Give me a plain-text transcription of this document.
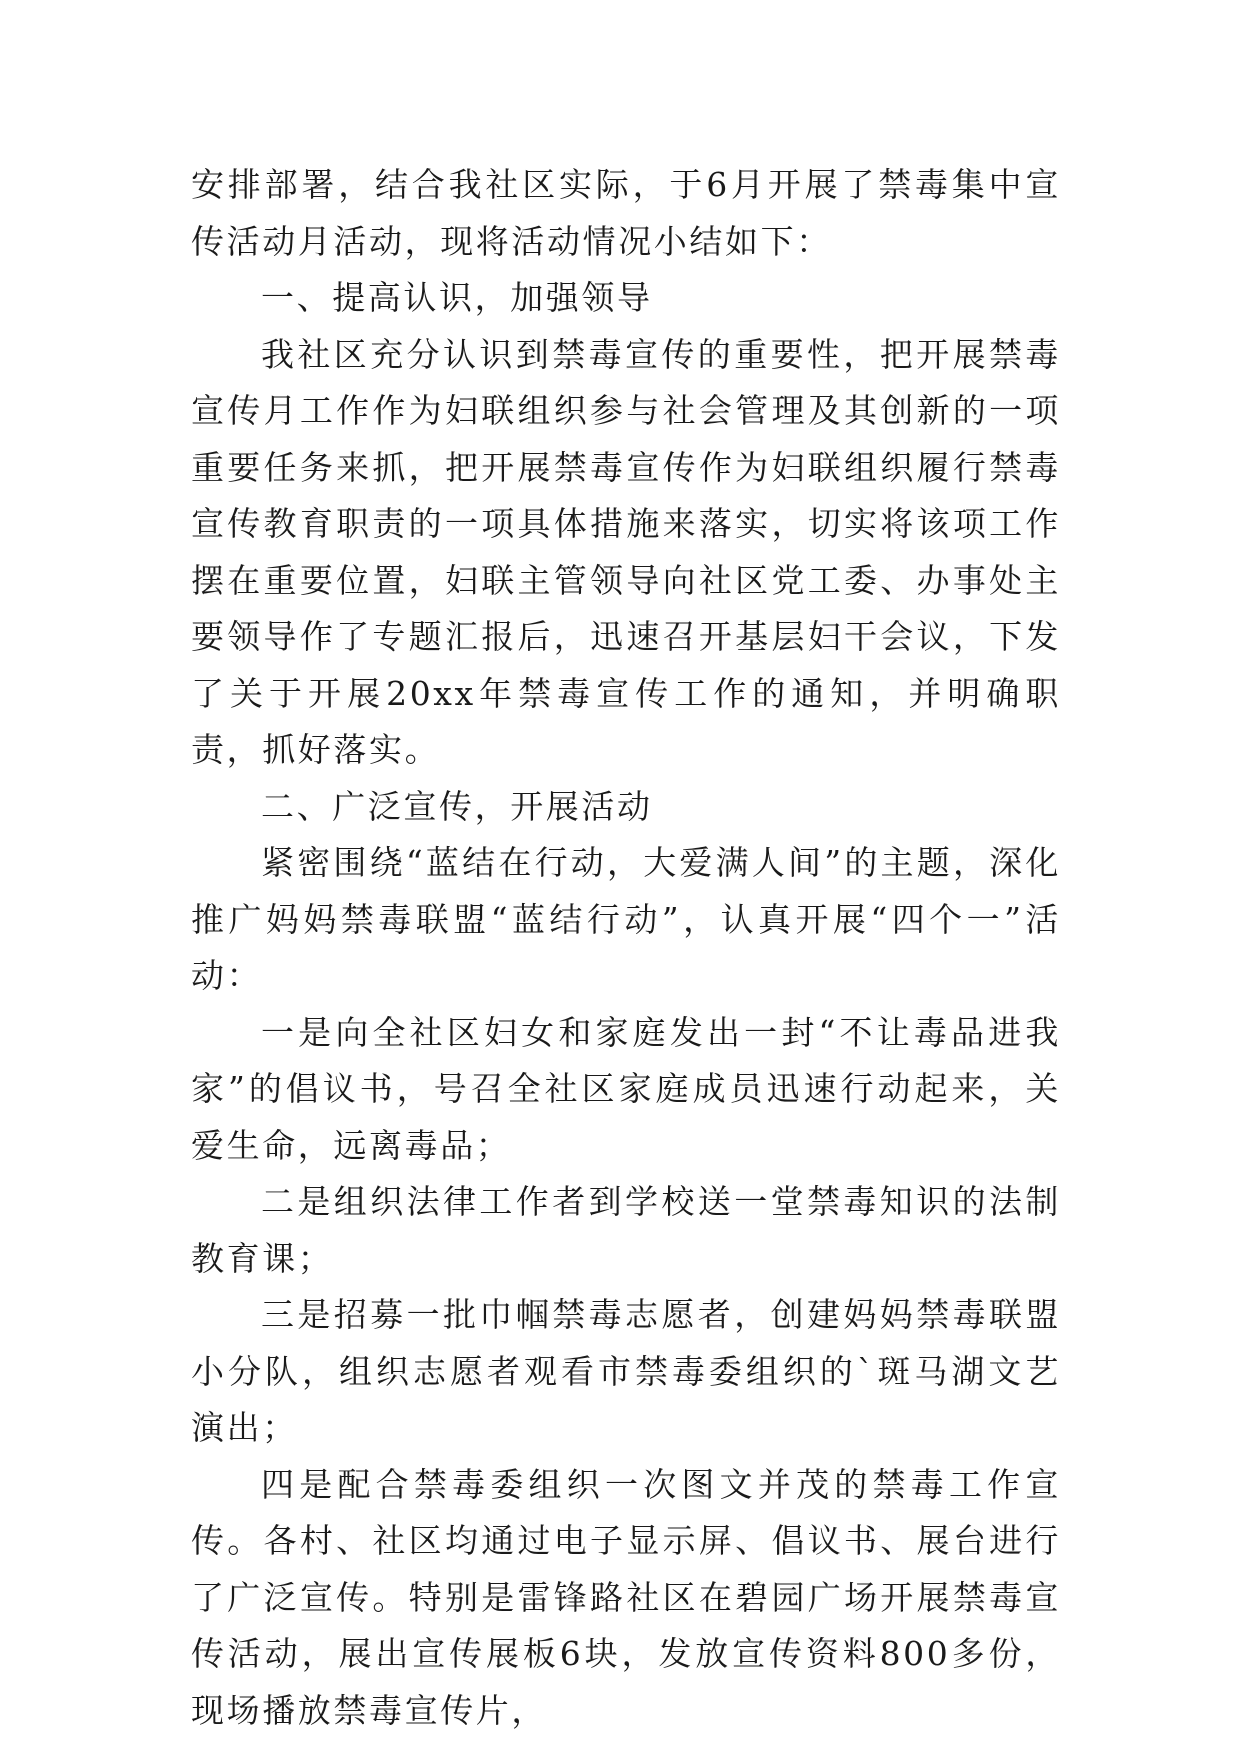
安排部署，结合我社区实际，于6月开展了禁毒集中宣传活动月活动，现将活动情况小结如下：

一、提高认识，加强领导

我社区充分认识到禁毒宣传的重要性，把开展禁毒宣传月工作作为妇联组织参与社会管理及其创新的一项重要任务来抓，把开展禁毒宣传作为妇联组织履行禁毒宣传教育职责的一项具体措施来落实，切实将该项工作摆在重要位置，妇联主管领导向社区党工委、办事处主要领导作了专题汇报后，迅速召开基层妇干会议，下发了关于开展20xx年禁毒宣传工作的通知，并明确职责，抓好落实。

二、广泛宣传，开展活动

紧密围绕“蓝结在行动，大爱满人间”的主题，深化推广妈妈禁毒联盟“蓝结行动”，认真开展“四个一”活动：

一是向全社区妇女和家庭发出一封“不让毒品进我家”的倡议书，号召全社区家庭成员迅速行动起来，关爱生命，远离毒品；

二是组织法律工作者到学校送一堂禁毒知识的法制教育课；

三是招募一批巾帼禁毒志愿者，创建妈妈禁毒联盟小分队，组织志愿者观看市禁毒委组织的`斑马湖文艺演出；

四是配合禁毒委组织一次图文并茂的禁毒工作宣传。各村、社区均通过电子显示屏、倡议书、展台进行了广泛宣传。特别是雷锋路社区在碧园广场开展禁毒宣传活动，展出宣传展板6块，发放宣传资料800多份，现场播放禁毒宣传片，
